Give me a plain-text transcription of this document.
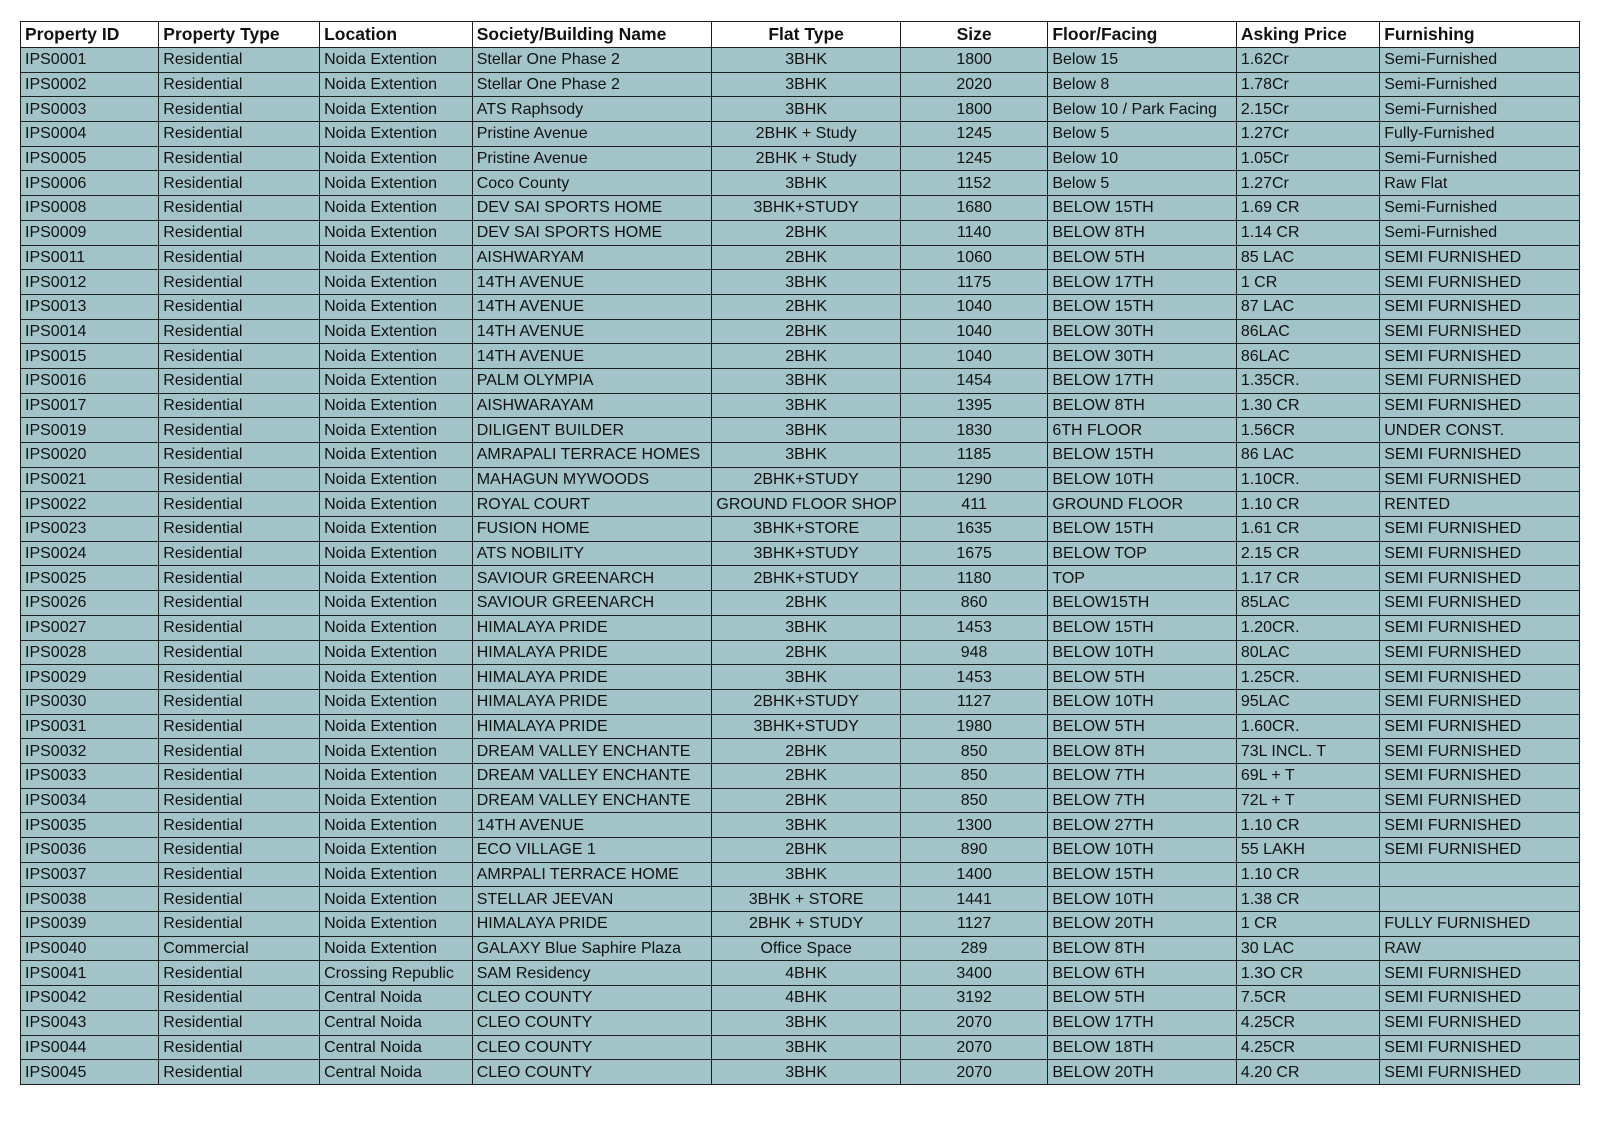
Property ID	Property Type	Location	Society/Building Name	Flat Type	Size	Floor/Facing	Asking Price	Furnishing
IPS0001	Residential	Noida Extention	Stellar One Phase 2	3BHK	1800	Below 15	1.62Cr	Semi-Furnished
IPS0002	Residential	Noida Extention	Stellar One Phase 2	3BHK	2020	Below 8	1.78Cr	Semi-Furnished
IPS0003	Residential	Noida Extention	ATS Raphsody	3BHK	1800	Below 10 / Park Facing	2.15Cr	Semi-Furnished
IPS0004	Residential	Noida Extention	Pristine Avenue	2BHK + Study	1245	Below 5	1.27Cr	Fully-Furnished
IPS0005	Residential	Noida Extention	Pristine Avenue	2BHK + Study	1245	Below 10	1.05Cr	Semi-Furnished
IPS0006	Residential	Noida Extention	Coco County	3BHK	1152	Below 5	1.27Cr	Raw Flat
IPS0008	Residential	Noida Extention	DEV SAI SPORTS HOME	3BHK+STUDY	1680	BELOW 15TH	1.69 CR	Semi-Furnished
IPS0009	Residential	Noida Extention	DEV SAI SPORTS HOME	2BHK	1140	BELOW 8TH	1.14 CR	Semi-Furnished
IPS0011	Residential	Noida Extention	AISHWARYAM	2BHK	1060	BELOW 5TH	85 LAC	SEMI FURNISHED
IPS0012	Residential	Noida Extention	14TH AVENUE	3BHK	1175	BELOW 17TH	1 CR	SEMI FURNISHED
IPS0013	Residential	Noida Extention	14TH AVENUE	2BHK	1040	BELOW 15TH	87 LAC	SEMI FURNISHED
IPS0014	Residential	Noida Extention	14TH AVENUE	2BHK	1040	BELOW 30TH	86LAC	SEMI FURNISHED
IPS0015	Residential	Noida Extention	14TH AVENUE	2BHK	1040	BELOW 30TH	86LAC	SEMI FURNISHED
IPS0016	Residential	Noida Extention	PALM OLYMPIA	3BHK	1454	BELOW 17TH	1.35CR.	SEMI FURNISHED
IPS0017	Residential	Noida Extention	AISHWARAYAM	3BHK	1395	BELOW 8TH	1.30 CR	SEMI FURNISHED
IPS0019	Residential	Noida Extention	DILIGENT BUILDER	3BHK	1830	6TH FLOOR	1.56CR	UNDER CONST.
IPS0020	Residential	Noida Extention	AMRAPALI TERRACE HOMES	3BHK	1185	BELOW 15TH	86 LAC	SEMI FURNISHED
IPS0021	Residential	Noida Extention	MAHAGUN MYWOODS	2BHK+STUDY	1290	BELOW 10TH	1.10CR.	SEMI FURNISHED
IPS0022	Residential	Noida Extention	ROYAL COURT	GROUND FLOOR SHOP	411	GROUND FLOOR	1.10 CR	RENTED
IPS0023	Residential	Noida Extention	FUSION HOME	3BHK+STORE	1635	BELOW 15TH	1.61 CR	SEMI FURNISHED
IPS0024	Residential	Noida Extention	ATS NOBILITY	3BHK+STUDY	1675	BELOW TOP	2.15 CR	SEMI FURNISHED
IPS0025	Residential	Noida Extention	SAVIOUR GREENARCH	2BHK+STUDY	1180	TOP	1.17 CR	SEMI FURNISHED
IPS0026	Residential	Noida Extention	SAVIOUR GREENARCH	2BHK	860	BELOW15TH	85LAC	SEMI FURNISHED
IPS0027	Residential	Noida Extention	HIMALAYA PRIDE	3BHK	1453	BELOW 15TH	1.20CR.	SEMI FURNISHED
IPS0028	Residential	Noida Extention	HIMALAYA PRIDE	2BHK	948	BELOW 10TH	80LAC	SEMI FURNISHED
IPS0029	Residential	Noida Extention	HIMALAYA PRIDE	3BHK	1453	BELOW 5TH	1.25CR.	SEMI FURNISHED
IPS0030	Residential	Noida Extention	HIMALAYA PRIDE	2BHK+STUDY	1127	BELOW 10TH	95LAC	SEMI FURNISHED
IPS0031	Residential	Noida Extention	HIMALAYA PRIDE	3BHK+STUDY	1980	BELOW 5TH	1.60CR.	SEMI FURNISHED
IPS0032	Residential	Noida Extention	DREAM VALLEY ENCHANTE	2BHK	850	BELOW 8TH	73L INCL. T	SEMI FURNISHED
IPS0033	Residential	Noida Extention	DREAM VALLEY ENCHANTE	2BHK	850	BELOW 7TH	69L + T	SEMI FURNISHED
IPS0034	Residential	Noida Extention	DREAM VALLEY ENCHANTE	2BHK	850	BELOW 7TH	72L + T	SEMI FURNISHED
IPS0035	Residential	Noida Extention	14TH AVENUE	3BHK	1300	BELOW 27TH	1.10 CR	SEMI FURNISHED
IPS0036	Residential	Noida Extention	ECO VILLAGE 1	2BHK	890	BELOW 10TH	55 LAKH	SEMI FURNISHED
IPS0037	Residential	Noida Extention	AMRPALI TERRACE HOME	3BHK	1400	BELOW 15TH	1.10 CR	
IPS0038	Residential	Noida Extention	STELLAR JEEVAN	3BHK + STORE	1441	BELOW 10TH	1.38 CR	
IPS0039	Residential	Noida Extention	HIMALAYA PRIDE	2BHK + STUDY	1127	BELOW 20TH	1 CR	FULLY FURNISHED
IPS0040	Commercial	Noida Extention	GALAXY Blue Saphire Plaza	Office Space	289	BELOW 8TH	30 LAC	RAW
IPS0041	Residential	Crossing Republic	SAM Residency	4BHK	3400	BELOW 6TH	1.3O CR	SEMI FURNISHED
IPS0042	Residential	Central Noida	CLEO COUNTY	4BHK	3192	BELOW 5TH	7.5CR	SEMI FURNISHED
IPS0043	Residential	Central Noida	CLEO COUNTY	3BHK	2070	BELOW 17TH	4.25CR	SEMI FURNISHED
IPS0044	Residential	Central Noida	CLEO COUNTY	3BHK	2070	BELOW 18TH	4.25CR	SEMI FURNISHED
IPS0045	Residential	Central Noida	CLEO COUNTY	3BHK	2070	BELOW 20TH	4.20 CR	SEMI FURNISHED
